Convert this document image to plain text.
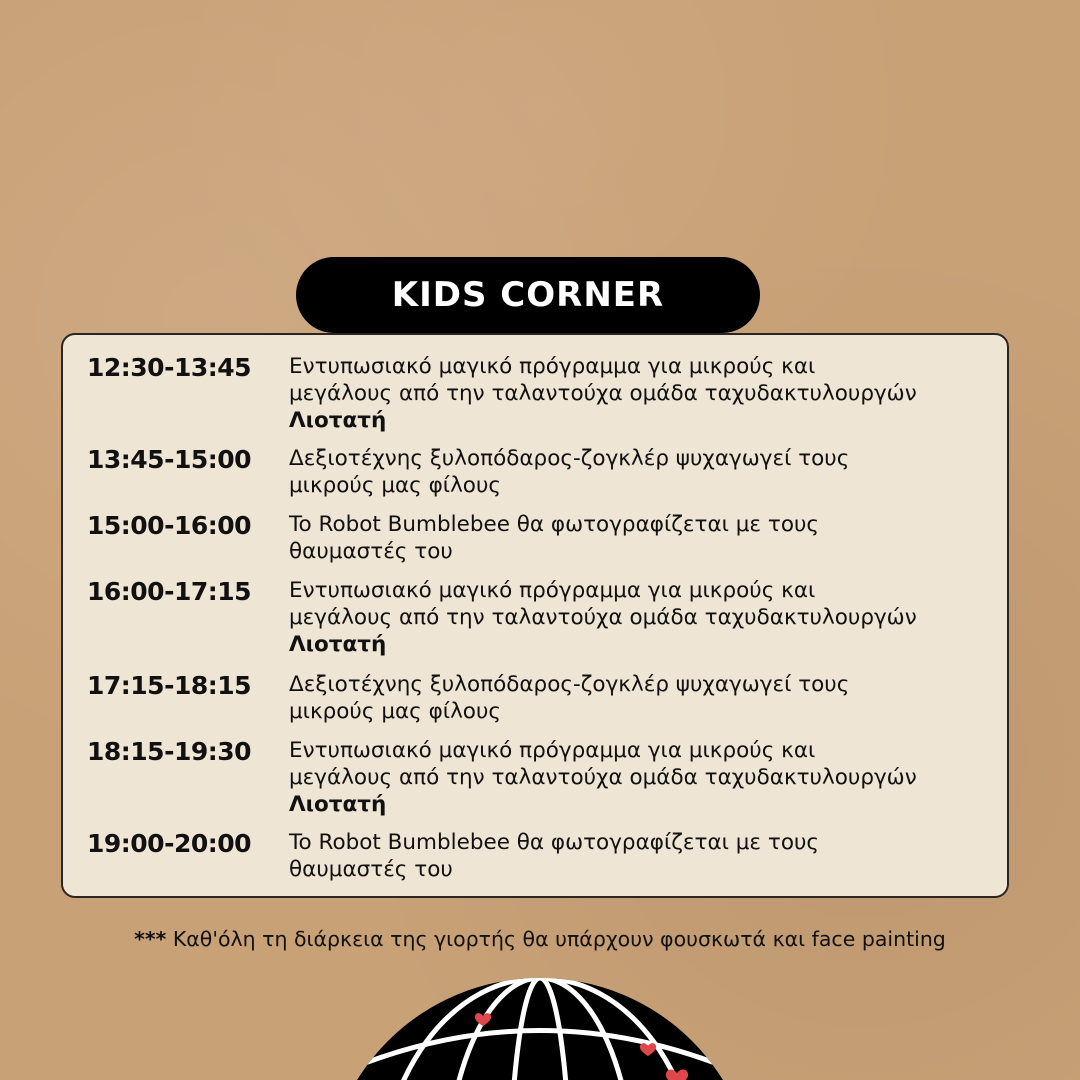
KIDS CORNER
12:30-13:45 Εντυπωσιακό μαγικό πρόγραμμα για μικρούς και
μεγάλους από την ταλαντούχα ομάδα ταχυδακτυλουργών
Λιοτατή
13:45-15:00 Δεξιοτέχνης ξυλοπόδαρος-ζογκλέρ ψυχαγωγεί τους
μικρούς μας φίλους
15:00-16:00 To Robot Bumblebee θα φωτογραφίζεται με τους
θαυμαστές του
16:00-17:15 Εντυπωσιακό μαγικό πρόγραμμα για μικρούς και
μεγάλους από την ταλαντούχα ομάδα ταχυδακτυλουργών
Λιοτατή
17:15-18:15 Δεξιοτέχνης ξυλοπόδαρος-ζογκλέρ ψυχαγωγεί τους
μικρούς μας φίλους
18:15-19:30 Εντυπωσιακό μαγικό πρόγραμμα για μικρούς και
μεγάλους από την ταλαντούχα ομάδα ταχυδακτυλουργών
Λιοτατή
19:00-20:00 To Robot Bumblebee θα φωτογραφίζεται με τους
θαυμαστές του
*** Καθ'όλη τη διάρκεια της γιορτής θα υπάρχουν φουσκωτά και face painting
